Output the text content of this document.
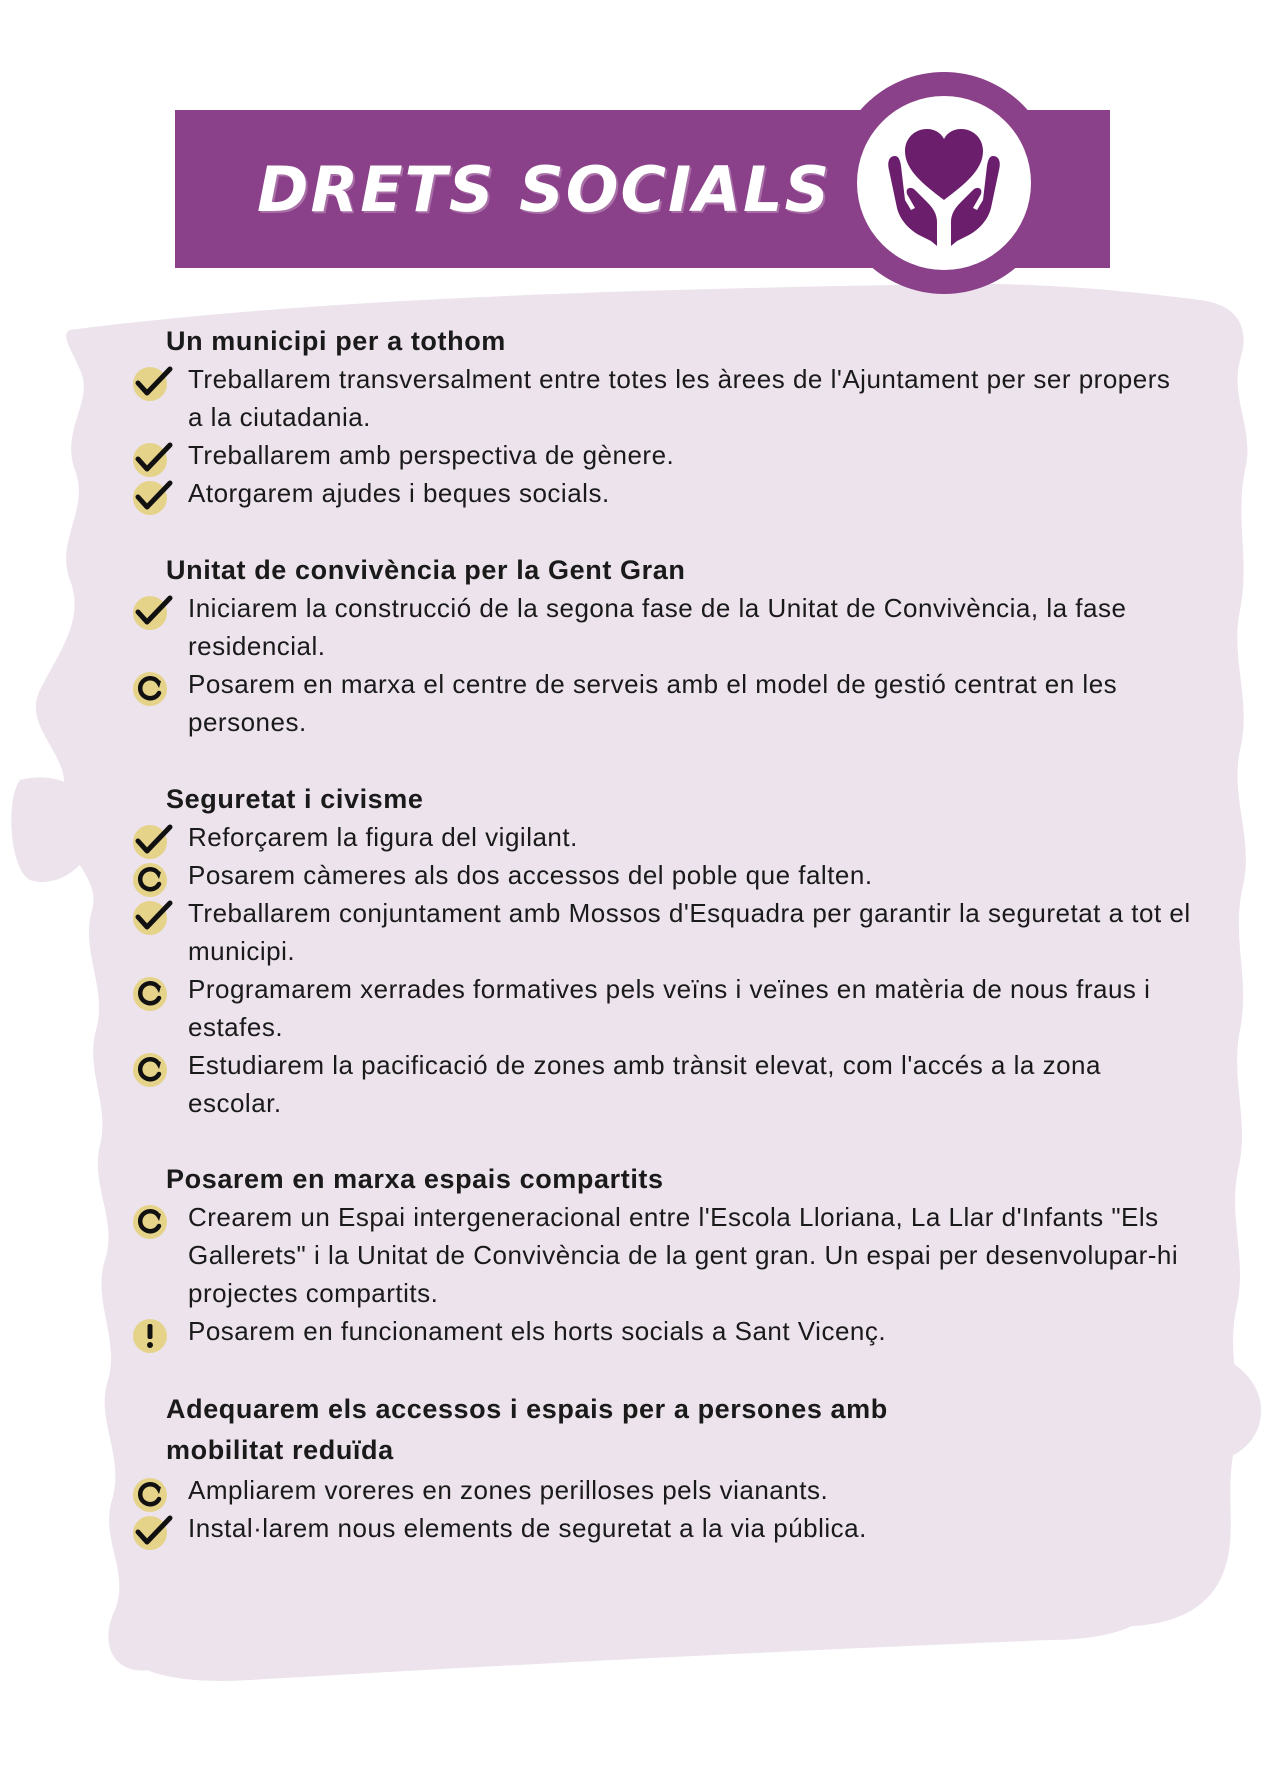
DRETS SOCIALS
Un municipi per a tothom
Treballarem transversalment entre totes les àrees de l'Ajuntament per ser propers a la ciutadania.
Treballarem amb perspectiva de gènere.
Atorgarem ajudes i beques socials.
Unitat de convivència per la Gent Gran
Iniciarem la construcció de la segona fase de la Unitat de Convivència, la fase residencial.
Posarem en marxa el centre de serveis amb el model de gestió centrat en les persones.
Seguretat i civisme
Reforçarem la figura del vigilant.
Posarem càmeres als dos accessos del poble que falten.
Treballarem conjuntament amb Mossos d'Esquadra per garantir la seguretat a tot el municipi.
Programarem xerrades formatives pels veïns i veïnes en matèria de nous fraus i estafes.
Estudiarem la pacificació de zones amb trànsit elevat, com l'accés a la zona escolar.
Posarem en marxa espais compartits
Crearem un Espai intergeneracional entre l'Escola Lloriana, La Llar d'Infants "Els Gallerets" i la Unitat de Convivència de la gent gran. Un espai per desenvolupar-hi projectes compartits.
Posarem en funcionament els horts socials a Sant Vicenç.
Adequarem els accessos i espais per a persones amb mobilitat reduïda
Ampliarem voreres en zones perilloses pels vianants.
Instal·larem nous elements de seguretat a la via pública.
